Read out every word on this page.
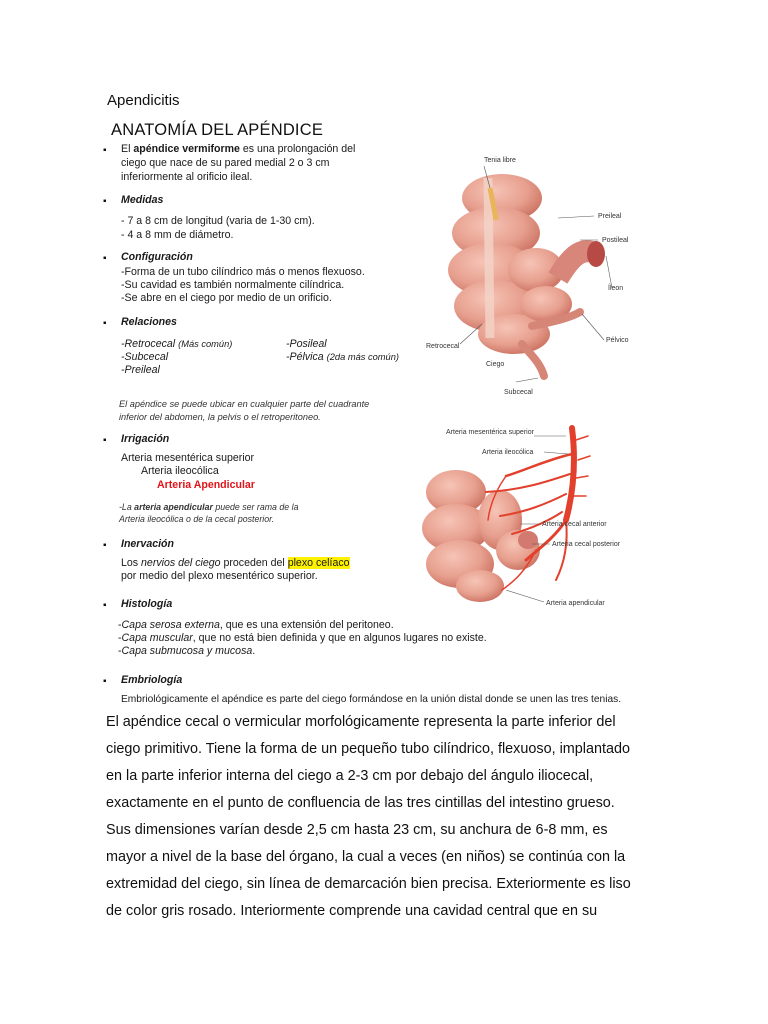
Apendicitis
ANATOMÍA DEL APÉNDICE
▪ El apéndice vermiforme es una prolongación del
ciego que nace de su pared medial 2 o 3 cm
inferiormente al orificio ileal.
▪ Medidas
- 7 a 8 cm de longitud (varia de 1-30 cm).
- 4 a 8 mm de diámetro.
▪ Configuración
-Forma de un tubo cilíndrico más o menos flexuoso.
-Su cavidad es también normalmente cilíndrica.
-Se abre en el ciego por medio de un orificio.
▪ Relaciones
-Retrocecal (Más común)
-Subcecal
-Preileal
-Posileal
-Pélvica (2da más común)
El apéndice se puede ubicar en cualquier parte del cuadrante
inferior del abdomen, la pelvis o el retroperitoneo.
▪ Irrigación
Arteria mesentérica superior
Arteria ileocólica
Arteria Apendicular
-La arteria apendicular puede ser rama de la
Arteria ileocólica o de la cecal posterior.
▪ Inervación
Los nervios del ciego proceden del plexo celíaco
por medio del plexo mesentérico superior.
▪ Histología
-Capa serosa externa, que es una extensión del peritoneo.
-Capa muscular, que no está bien definida y que en algunos lugares no existe.
-Capa submucosa y mucosa.
▪ Embriología
Embriológicamente el apéndice es parte del ciego formándose en la unión distal donde se unen las tres tenias.
Tenia libre
Preileal
Postileal
Íleon
Pélvico
Retrocecal
Ciego
Subcecal
Arteria mesentérica superior
Arteria ileocólica
Arteria cecal anterior
Arteria cecal posterior
Arteria apendicular
El apéndice cecal o vermicular morfológicamente representa la parte inferior del
ciego primitivo. Tiene la forma de un pequeño tubo cilíndrico, flexuoso, implantado
en la parte inferior interna del ciego a 2-3 cm por debajo del ángulo iliocecal,
exactamente en el punto de confluencia de las tres cintillas del intestino grueso.
Sus dimensiones varían desde 2,5 cm hasta 23 cm, su anchura de 6-8 mm, es
mayor a nivel de la base del órgano, la cual a veces (en niños) se continúa con la
extremidad del ciego, sin línea de demarcación bien precisa. Exteriormente es liso
de color gris rosado. Interiormente comprende una cavidad central que en su
